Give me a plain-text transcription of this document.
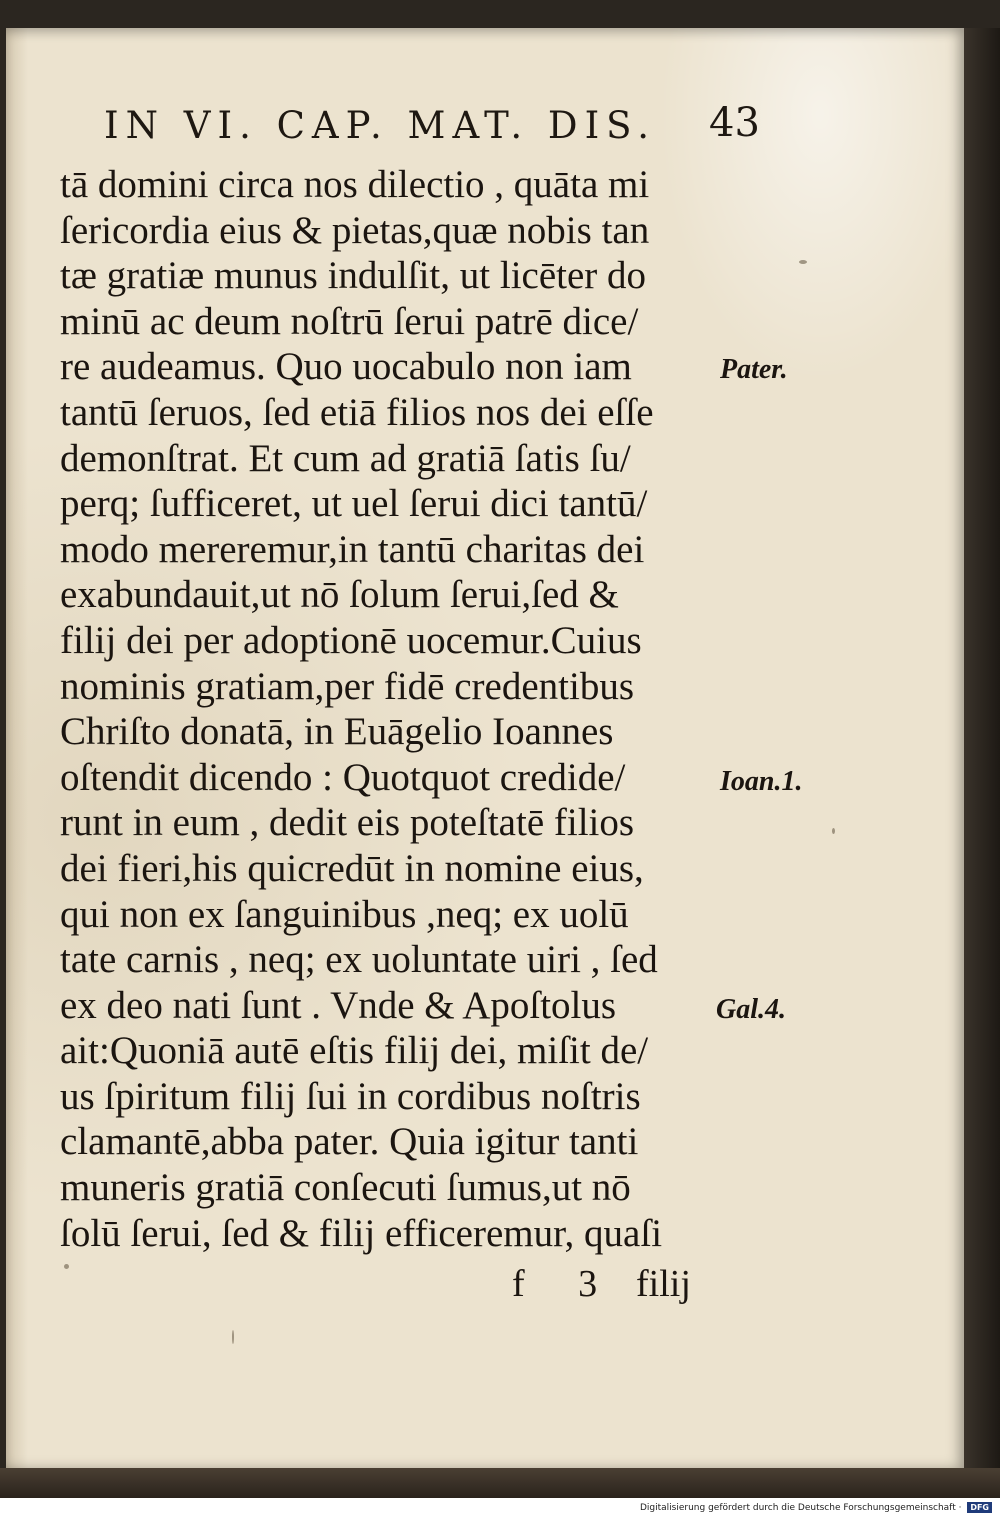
IN VI. CAP. MAT. DIS. 43
tā domini circa nos dilectio , quāta mi
ſericordia eius & pietas,quæ nobis tan
tæ gratiæ munus indulſit, ut licēter do
minū ac deum noſtrū ſerui patrē dice/
re audeamus. Quo uocabulo non iam
tantū ſeruos, ſed etiā filios nos dei eſſe
demonſtrat. Et cum ad gratiā ſatis ſu/
perq; ſufficeret, ut uel ſerui dici tantū/
modo mereremur,in tantū charitas dei
exabundauit,ut nō ſolum ſerui,ſed &
filij dei per adoptionē uocemur.Cuius
nominis gratiam,per fidē credentibus
Chriſto donatā, in Euāgelio Ioannes
oſtendit dicendo : Quotquot credide/
runt in eum , dedit eis poteſtatē filios
dei fieri,his quicredūt in nomine eius,
qui non ex ſanguinibus ,neq; ex uolū
tate carnis , neq; ex uoluntate uiri , ſed
ex deo nati ſunt . Vnde & Apoſtolus
ait:Quoniā autē eſtis filij dei, miſit de/
us ſpiritum filij ſui in cordibus noſtris
clamantē,abba pater. Quia igitur tanti
muneris gratiā conſecuti ſumus,ut nō
ſolū ſerui, ſed & filij efficeremur, quaſi
Pater.
Ioan.1.
Gal.4.
f 3 filij
Digitalisierung gefördert durch die Deutsche Forschungsgemeinschaft · DFG
